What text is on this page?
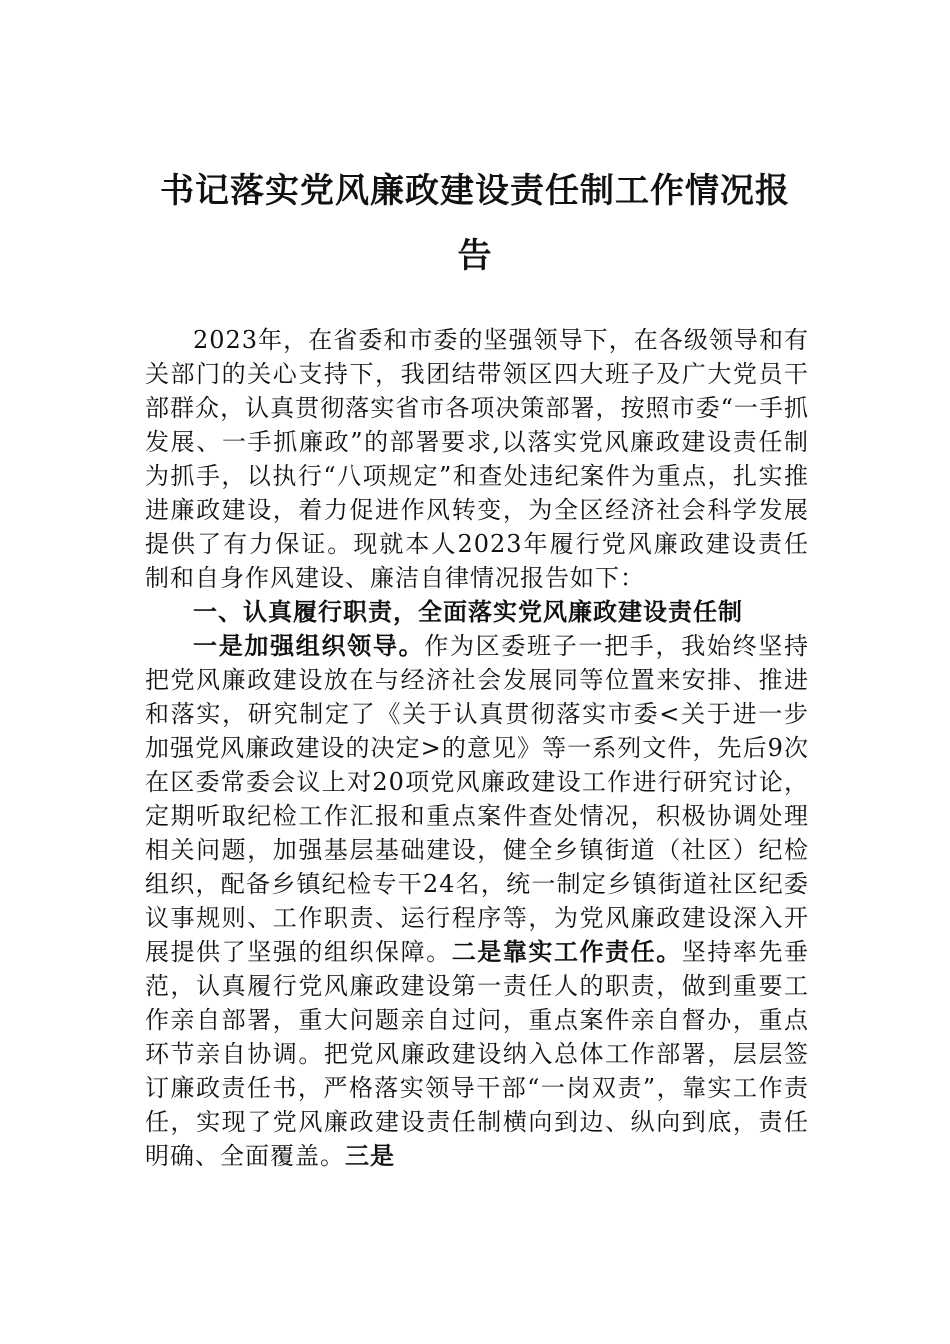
书记落实党风廉政建设责任制工作情况报
告

2023年，在省委和市委的坚强领导下，在各级领导和有关部门的关心支持下，我团结带领区四大班子及广大党员干部群众，认真贯彻落实省市各项决策部署，按照市委“一手抓发展、一手抓廉政”的部署要求,以落实党风廉政建设责任制为抓手，以执行“八项规定”和查处违纪案件为重点，扎实推进廉政建设，着力促进作风转变，为全区经济社会科学发展提供了有力保证。现就本人2023年履行党风廉政建设责任制和自身作风建设、廉洁自律情况报告如下：

一、认真履行职责，全面落实党风廉政建设责任制

一是加强组织领导。作为区委班子一把手，我始终坚持把党风廉政建设放在与经济社会发展同等位置来安排、推进和落实，研究制定了《关于认真贯彻落实市委<关于进一步加强党风廉政建设的决定>的意见》等一系列文件，先后9次在区委常委会议上对20项党风廉政建设工作进行研究讨论，定期听取纪检工作汇报和重点案件查处情况，积极协调处理相关问题，加强基层基础建设，健全乡镇街道（社区）纪检组织，配备乡镇纪检专干24名，统一制定乡镇街道社区纪委议事规则、工作职责、运行程序等，为党风廉政建设深入开展提供了坚强的组织保障。二是靠实工作责任。坚持率先垂范，认真履行党风廉政建设第一责任人的职责，做到重要工作亲自部署，重大问题亲自过问，重点案件亲自督办，重点环节亲自协调。把党风廉政建设纳入总体工作部署，层层签订廉政责任书，严格落实领导干部“一岗双责”，靠实工作责任，实现了党风廉政建设责任制横向到边、纵向到底，责任明确、全面覆盖。三是
